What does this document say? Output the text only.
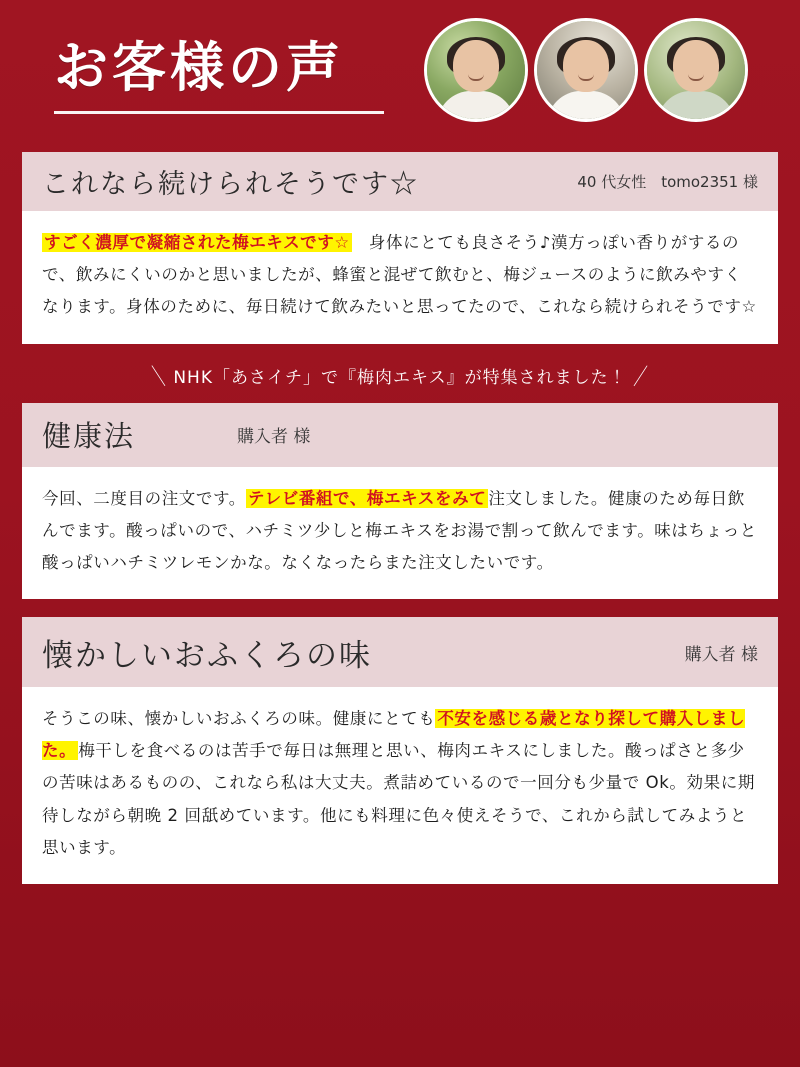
お客様の声
これなら続けられそうです☆	40 代女性　tomo2351 様
すごく濃厚で凝縮された梅エキスです☆　身体にとても良さそう♪漢方っぽい香りがするので、飲みにくいのかと思いましたが、蜂蜜と混ぜて飲むと、梅ジュースのように飲みやすくなります。身体のために、毎日続けて飲みたいと思ってたので、これなら続けられそうです☆
＼ NHK「あさイチ」で『梅肉エキス』が特集されました！ ／
健康法	購入者 様
今回、二度目の注文です。 テレビ番組で、梅エキスをみて 注文しました。健康のため毎日飲んでます。酸っぱいので、ハチミツ少しと梅エキスをお湯で割って飲んでます。味はちょっと酸っぱいハチミツレモンかな。なくなったらまた注文したいです。
懐かしいおふくろの味	購入者 様
そうこの味、懐かしいおふくろの味。健康にとても 不安を感じる歳となり探して購入しました。 梅干しを食べるのは苦手で毎日は無理と思い、梅肉エキスにしました。酸っぱさと多少の苦味はあるものの、これなら私は大丈夫。煮詰めているので一回分も少量で Ok。効果に期待しながら朝晩 2 回舐めています。他にも料理に色々使えそうで、これから試してみようと思います。
